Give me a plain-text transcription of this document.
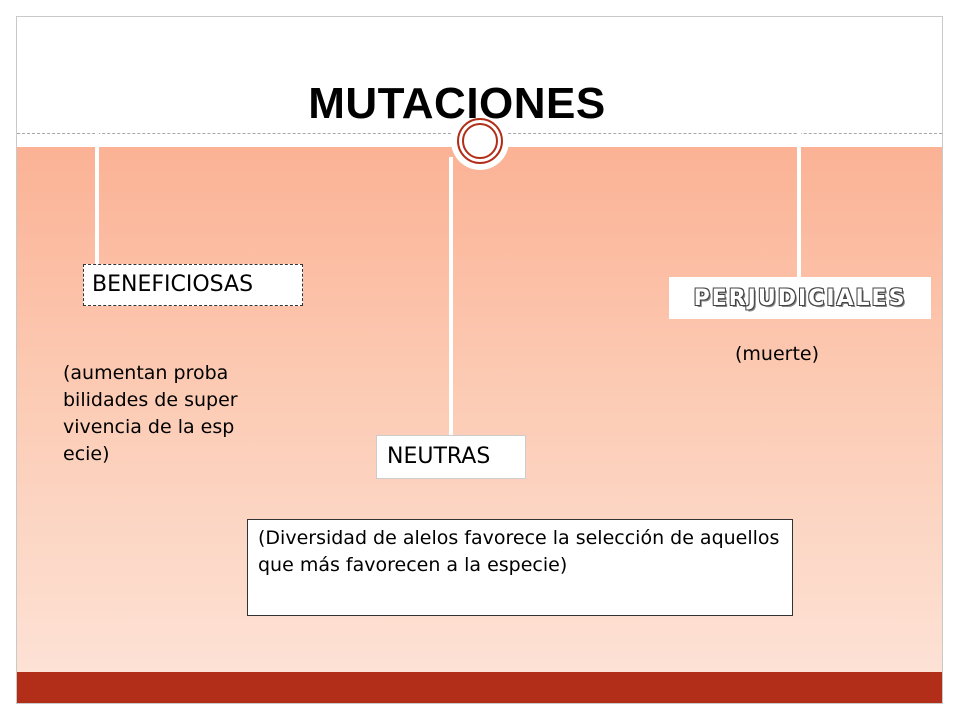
MUTACIONES
BENEFICIOSAS
NEUTRAS
PERJUDICIALES

(aumentan probabilidades de supervivencia de la especie)

(muerte)

(Diversidad de alelos favorece la selección de aquellos que más favorecen a la especie)
